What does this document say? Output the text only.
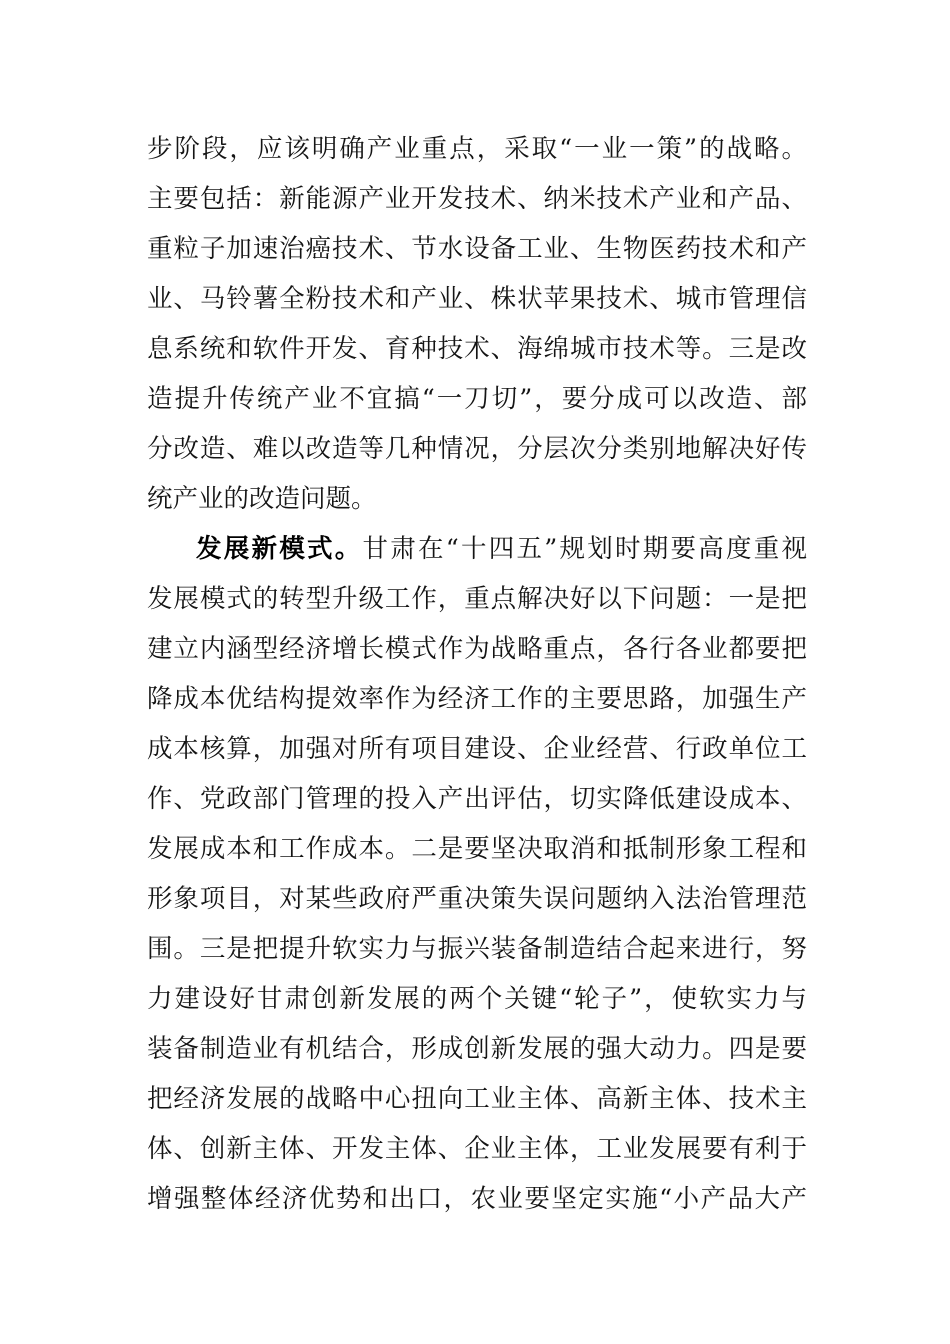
步阶段，应该明确产业重点，采取“一业一策”的战略。
主要包括：新能源产业开发技术、纳米技术产业和产品、
重粒子加速治癌技术、节水设备工业、生物医药技术和产
业、马铃薯全粉技术和产业、株状苹果技术、城市管理信
息系统和软件开发、育种技术、海绵城市技术等。三是改
造提升传统产业不宜搞“一刀切”，要分成可以改造、部
分改造、难以改造等几种情况，分层次分类别地解决好传
统产业的改造问题。
发展新模式。甘肃在“十四五”规划时期要高度重视
发展模式的转型升级工作，重点解决好以下问题：一是把
建立内涵型经济增长模式作为战略重点，各行各业都要把
降成本优结构提效率作为经济工作的主要思路，加强生产
成本核算，加强对所有项目建设、企业经营、行政单位工
作、党政部门管理的投入产出评估，切实降低建设成本、
发展成本和工作成本。二是要坚决取消和抵制形象工程和
形象项目，对某些政府严重决策失误问题纳入法治管理范
围。三是把提升软实力与振兴装备制造结合起来进行，努
力建设好甘肃创新发展的两个关键“轮子”，使软实力与
装备制造业有机结合，形成创新发展的强大动力。四是要
把经济发展的战略中心扭向工业主体、高新主体、技术主
体、创新主体、开发主体、企业主体，工业发展要有利于
增强整体经济优势和出口，农业要坚定实施“小产品大产
